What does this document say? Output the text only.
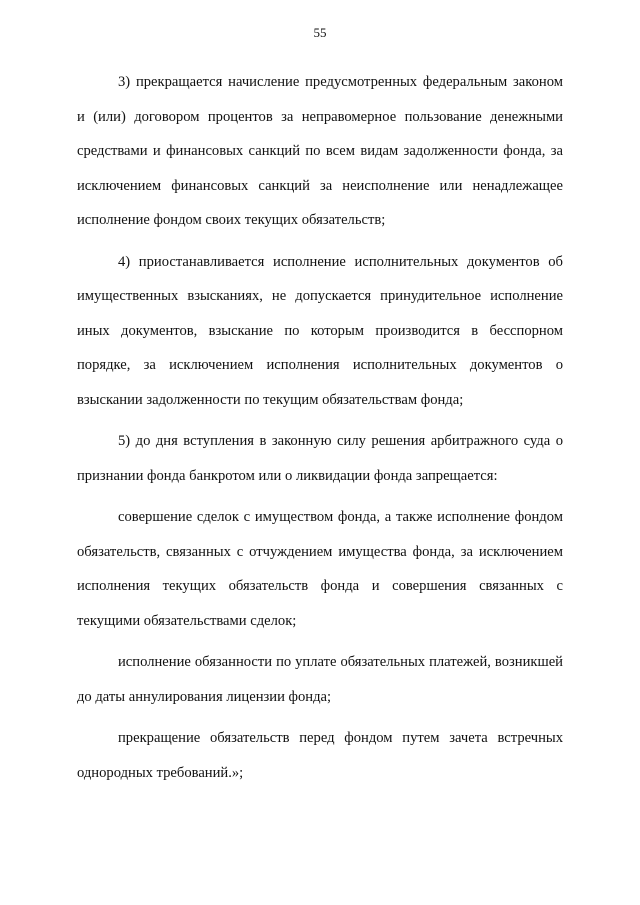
55

3) прекращается начисление предусмотренных федеральным законом и (или) договором процентов за неправомерное пользование денежными средствами и финансовых санкций по всем видам задолженности фонда, за исключением финансовых санкций за неисполнение или ненадлежащее исполнение фондом своих текущих обязательств;

4) приостанавливается исполнение исполнительных документов об имущественных взысканиях, не допускается принудительное исполнение иных документов, взыскание по которым производится в бесспорном порядке, за исключением исполнения исполнительных документов о взыскании задолженности по текущим обязательствам фонда;

5) до дня вступления в законную силу решения арбитражного суда о признании фонда банкротом или о ликвидации фонда запрещается:

совершение сделок с имуществом фонда, а также исполнение фондом обязательств, связанных с отчуждением имущества фонда, за исключением исполнения текущих обязательств фонда и совершения связанных с текущими обязательствами сделок;

исполнение обязанности по уплате обязательных платежей, возникшей до даты аннулирования лицензии фонда;

прекращение обязательств перед фондом путем зачета встречных однородных требований.»;
